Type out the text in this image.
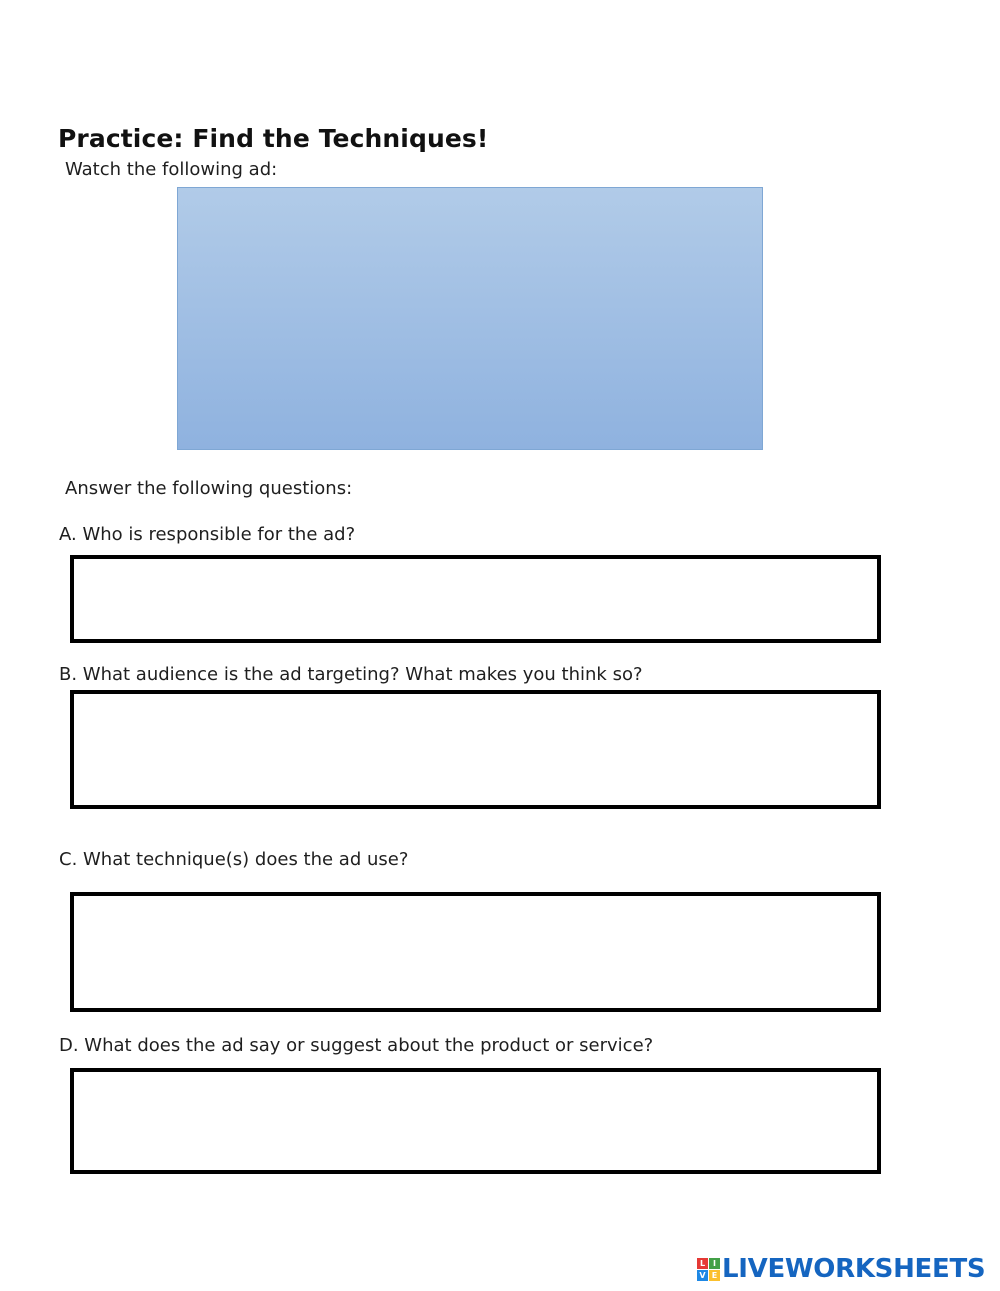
Practice: Find the Techniques!
Watch the following ad:
Answer the following questions:
A. Who is responsible for the ad?
B. What audience is the ad targeting? What makes you think so?
C. What technique(s) does the ad use?
D. What does the ad say or suggest about the product or service?
L I
V E LIVEWORKSHEETS
